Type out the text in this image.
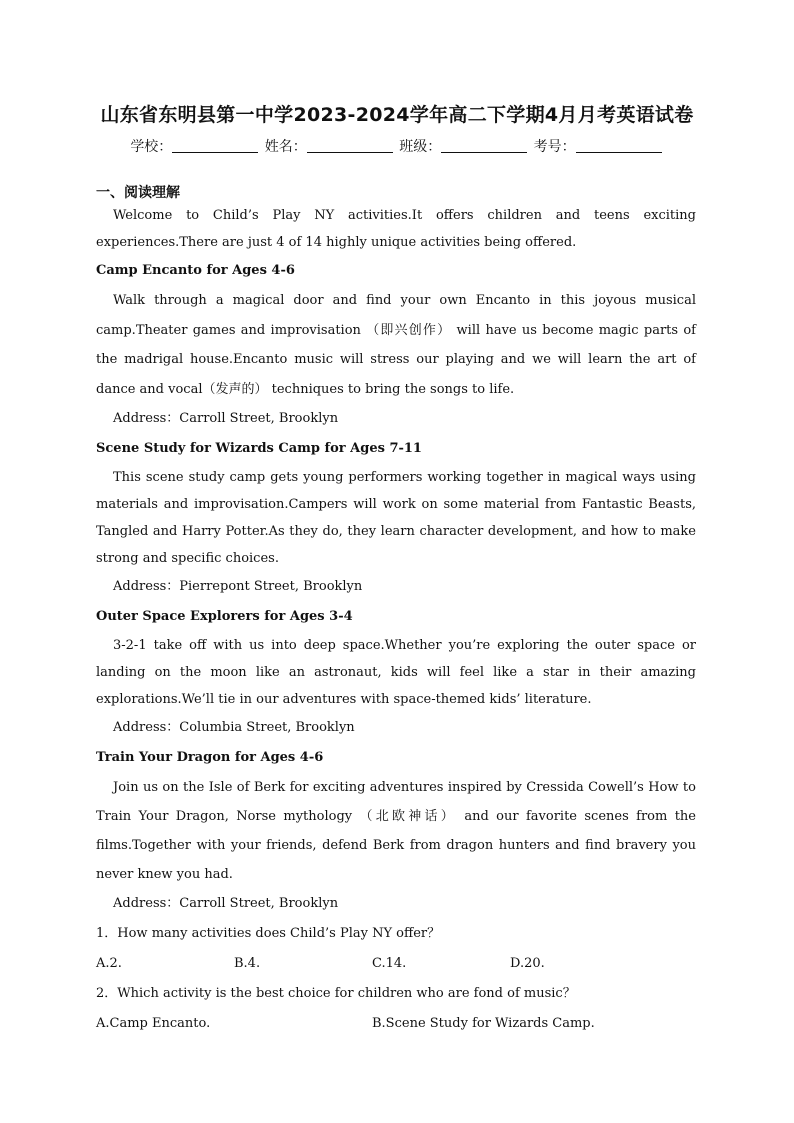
山东省东明县第一中学2023-2024学年高二下学期4月月考英语试卷
学校：	姓名：	班级：	考号：
一、阅读理解

Welcome to Child’s Play NY activities.It offers children and teens exciting experiences.There are just 4 of 14 highly unique activities being offered.

Camp Encanto for Ages 4-6

Walk through a magical door and find your own Encanto in this joyous musical camp.Theater games and improvisation （即兴创作） will have us become magic parts of the madrigal house.Encanto music will stress our playing and we will learn the art of dance and vocal（发声的） techniques to bring the songs to life.

Address：Carroll Street, Brooklyn

Scene Study for Wizards Camp for Ages 7-11

This scene study camp gets young performers working together in magical ways using materials and improvisation.Campers will work on some material from Fantastic Beasts, Tangled and Harry Potter.As they do, they learn character development, and how to make strong and specific choices.

Address：Pierrepont Street, Brooklyn

Outer Space Explorers for Ages 3-4

3-2-1 take off with us into deep space.Whether you’re exploring the outer space or landing on the moon like an astronaut, kids will feel like a star in their amazing explorations.We’ll tie in our adventures with space-themed kids’ literature.

Address：Columbia Street, Brooklyn

Train Your Dragon for Ages 4-6

Join us on the Isle of Berk for exciting adventures inspired by Cressida Cowell’s How to Train Your Dragon, Norse mythology （北欧神话） and our favorite scenes from the films.Together with your friends, defend Berk from dragon hunters and find bravery you never knew you had.

Address：Carroll Street, Brooklyn

1．How many activities does Child’s Play NY offer？

A.2.	B.4.	C.14.	D.20.

2．Which activity is the best choice for children who are fond of music？

A.Camp Encanto.	B.Scene Study for Wizards Camp.
